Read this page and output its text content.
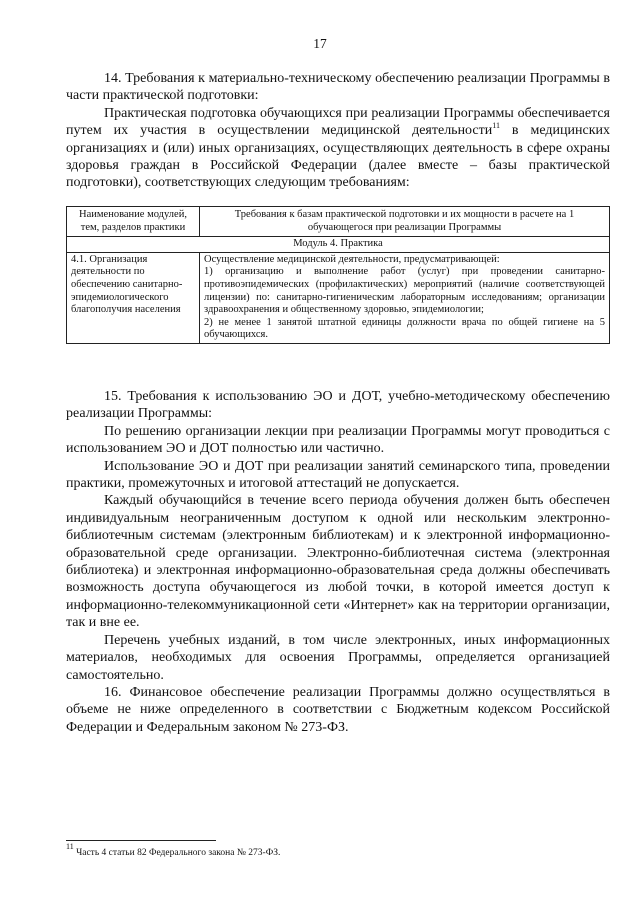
17

14. Требования к материально-техническому обеспечению реализации Программы в части практической подготовки:

Практическая подготовка обучающихся при реализации Программы обеспечивается путем их участия в осуществлении медицинской деятельности$^{11}$ в медицинских организациях и (или) иных организациях, осуществляющих деятельность в сфере охраны здоровья граждан в Российской Федерации (далее вместе – базы практической подготовки), соответствующих следующим требованиям:

Наименование модулей, тем, разделов практики	Требования к базам практической подготовки и их мощности в расчете на 1 обучающегося при реализации Программы
Модуль 4. Практика	
4.1. Организация деятельности по обеспечению санитарно-эпидемиологического благополучия населения	Осуществление медицинской деятельности, предусматривающей:
1) организацию и выполнение работ (услуг) при проведении санитарно-противоэпидемических (профилактических) мероприятий (наличие соответствующей лицензии) по: санитарно-гигиеническим лабораторным исследованиям; организации здравоохранения и общественному здоровью, эпидемиологии;
2) не менее 1 занятой штатной единицы должности врача по общей гигиене на 5 обучающихся.

15. Требования к использованию ЭО и ДОТ, учебно-методическому обеспечению реализации Программы:

По решению организации лекции при реализации Программы могут проводиться с использованием ЭО и ДОТ полностью или частично.

Использование ЭО и ДОТ при реализации занятий семинарского типа, проведении практики, промежуточных и итоговой аттестаций не допускается.

Каждый обучающийся в течение всего периода обучения должен быть обеспечен индивидуальным неограниченным доступом к одной или нескольким электронно-библиотечным системам (электронным библиотекам) и к электронной информационно-образовательной среде организации. Электронно-библиотечная система (электронная библиотека) и электронная информационно-образовательная среда должны обеспечивать возможность доступа обучающегося из любой точки, в которой имеется доступ к информационно-телекоммуникационной сети «Интернет» как на территории организации, так и вне ее.

Перечень учебных изданий, в том числе электронных, иных информационных материалов, необходимых для освоения Программы, определяется организацией самостоятельно.

16. Финансовое обеспечение реализации Программы должно осуществляться в объеме не ниже определенного в соответствии с Бюджетным кодексом Российской Федерации и Федеральным законом № 273-ФЗ.

$^{11}$ Часть 4 статьи 82 Федерального закона № 273-ФЗ.
